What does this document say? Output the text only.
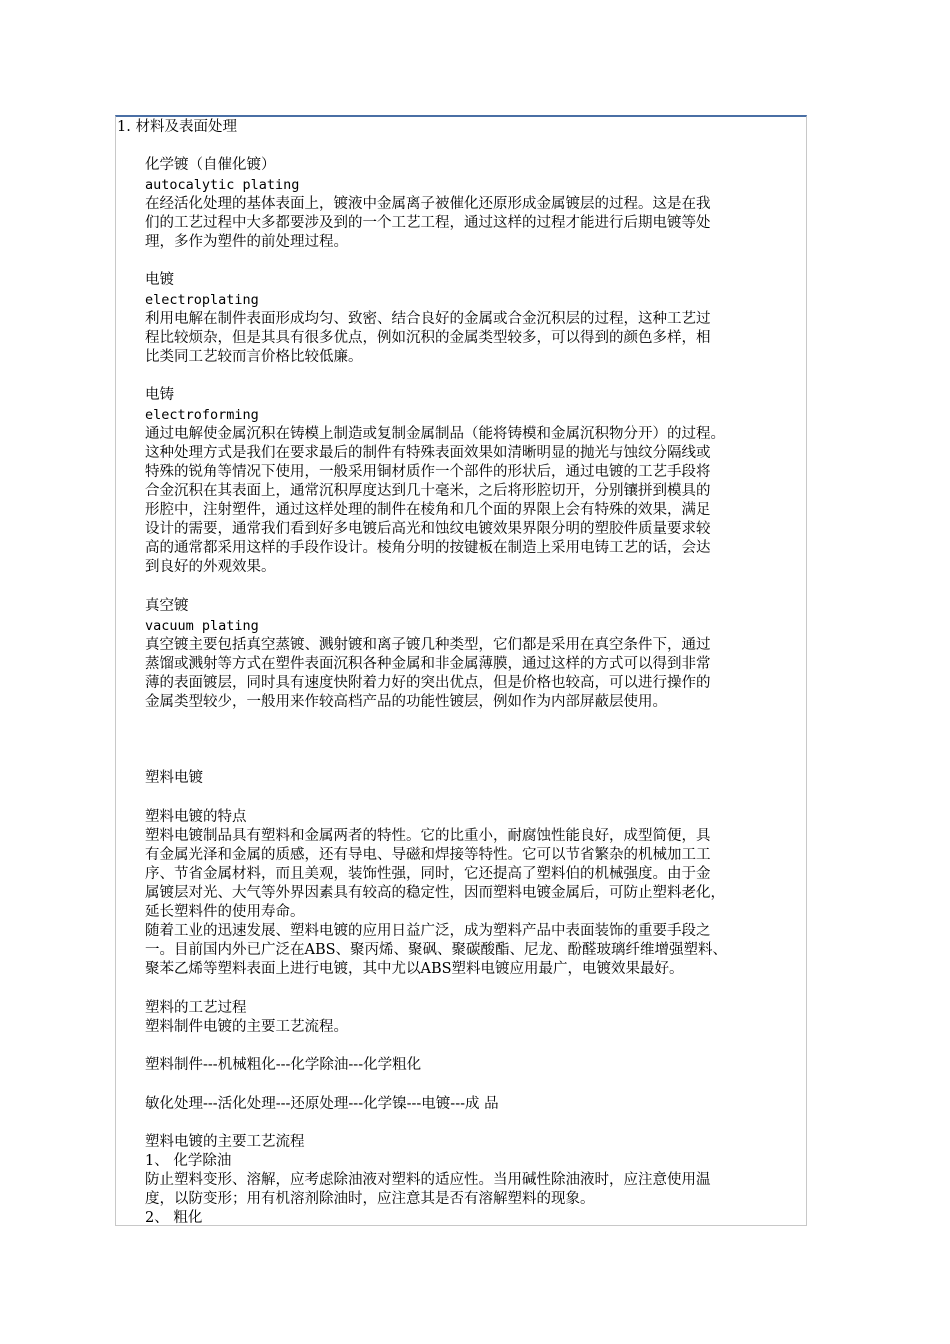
1. 材料及表面处理
化学镀（自催化镀）
autocalytic plating
在经活化处理的基体表面上，镀液中金属离子被催化还原形成金属镀层的过程。这是在我
们的工艺过程中大多都要涉及到的一个工艺工程，通过这样的过程才能进行后期电镀等处
理，多作为塑件的前处理过程。
电镀
electroplating
利用电解在制件表面形成均匀、致密、结合良好的金属或合金沉积层的过程，这种工艺过
程比较烦杂，但是其具有很多优点，例如沉积的金属类型较多，可以得到的颜色多样，相
比类同工艺较而言价格比较低廉。
电铸
electroforming
通过电解使金属沉积在铸模上制造或复制金属制品（能将铸模和金属沉积物分开）的过程。
这种处理方式是我们在要求最后的制件有特殊表面效果如清晰明显的抛光与蚀纹分隔线或
特殊的锐角等情况下使用，一般采用铜材质作一个部件的形状后，通过电镀的工艺手段将
合金沉积在其表面上，通常沉积厚度达到几十毫米，之后将形腔切开，分别镶拼到模具的
形腔中，注射塑件，通过这样处理的制件在棱角和几个面的界限上会有特殊的效果，满足
设计的需要，通常我们看到好多电镀后高光和蚀纹电镀效果界限分明的塑胶件质量要求较
高的通常都采用这样的手段作设计。棱角分明的按键板在制造上采用电铸工艺的话，会达
到良好的外观效果。
真空镀
vacuum plating
真空镀主要包括真空蒸镀、溅射镀和离子镀几种类型，它们都是采用在真空条件下，通过
蒸馏或溅射等方式在塑件表面沉积各种金属和非金属薄膜，通过这样的方式可以得到非常
薄的表面镀层，同时具有速度快附着力好的突出优点，但是价格也较高，可以进行操作的
金属类型较少，一般用来作较高档产品的功能性镀层，例如作为内部屏蔽层使用。
塑料电镀
塑料电镀的特点
塑料电镀制品具有塑料和金属两者的特性。它的比重小，耐腐蚀性能良好，成型简便，具
有金属光泽和金属的质感，还有导电、导磁和焊接等特性。它可以节省繁杂的机械加工工
序、节省金属材料，而且美观，装饰性强，同时，它还提高了塑料伯的机械强度。由于金
属镀层对光、大气等外界因素具有较高的稳定性，因而塑料电镀金属后，可防止塑料老化，
延长塑料件的使用寿命。
随着工业的迅速发展、塑料电镀的应用日益广泛，成为塑料产品中表面装饰的重要手段之
一。目前国内外已广泛在ABS、聚丙烯、聚砜、聚碳酸酯、尼龙、酚醛玻璃纤维增强塑料、
聚苯乙烯等塑料表面上进行电镀，其中尤以ABS塑料电镀应用最广，电镀效果最好。
塑料的工艺过程
塑料制件电镀的主要工艺流程。
塑料制件---机械粗化---化学除油---化学粗化
敏化处理---活化处理---还原处理---化学镍---电镀---成 品
塑料电镀的主要工艺流程
1、 化学除油
防止塑料变形、溶解，应考虑除油液对塑料的适应性。当用碱性除油液时，应注意使用温
度，以防变形；用有机溶剂除油时，应注意其是否有溶解塑料的现象。
2、 粗化
